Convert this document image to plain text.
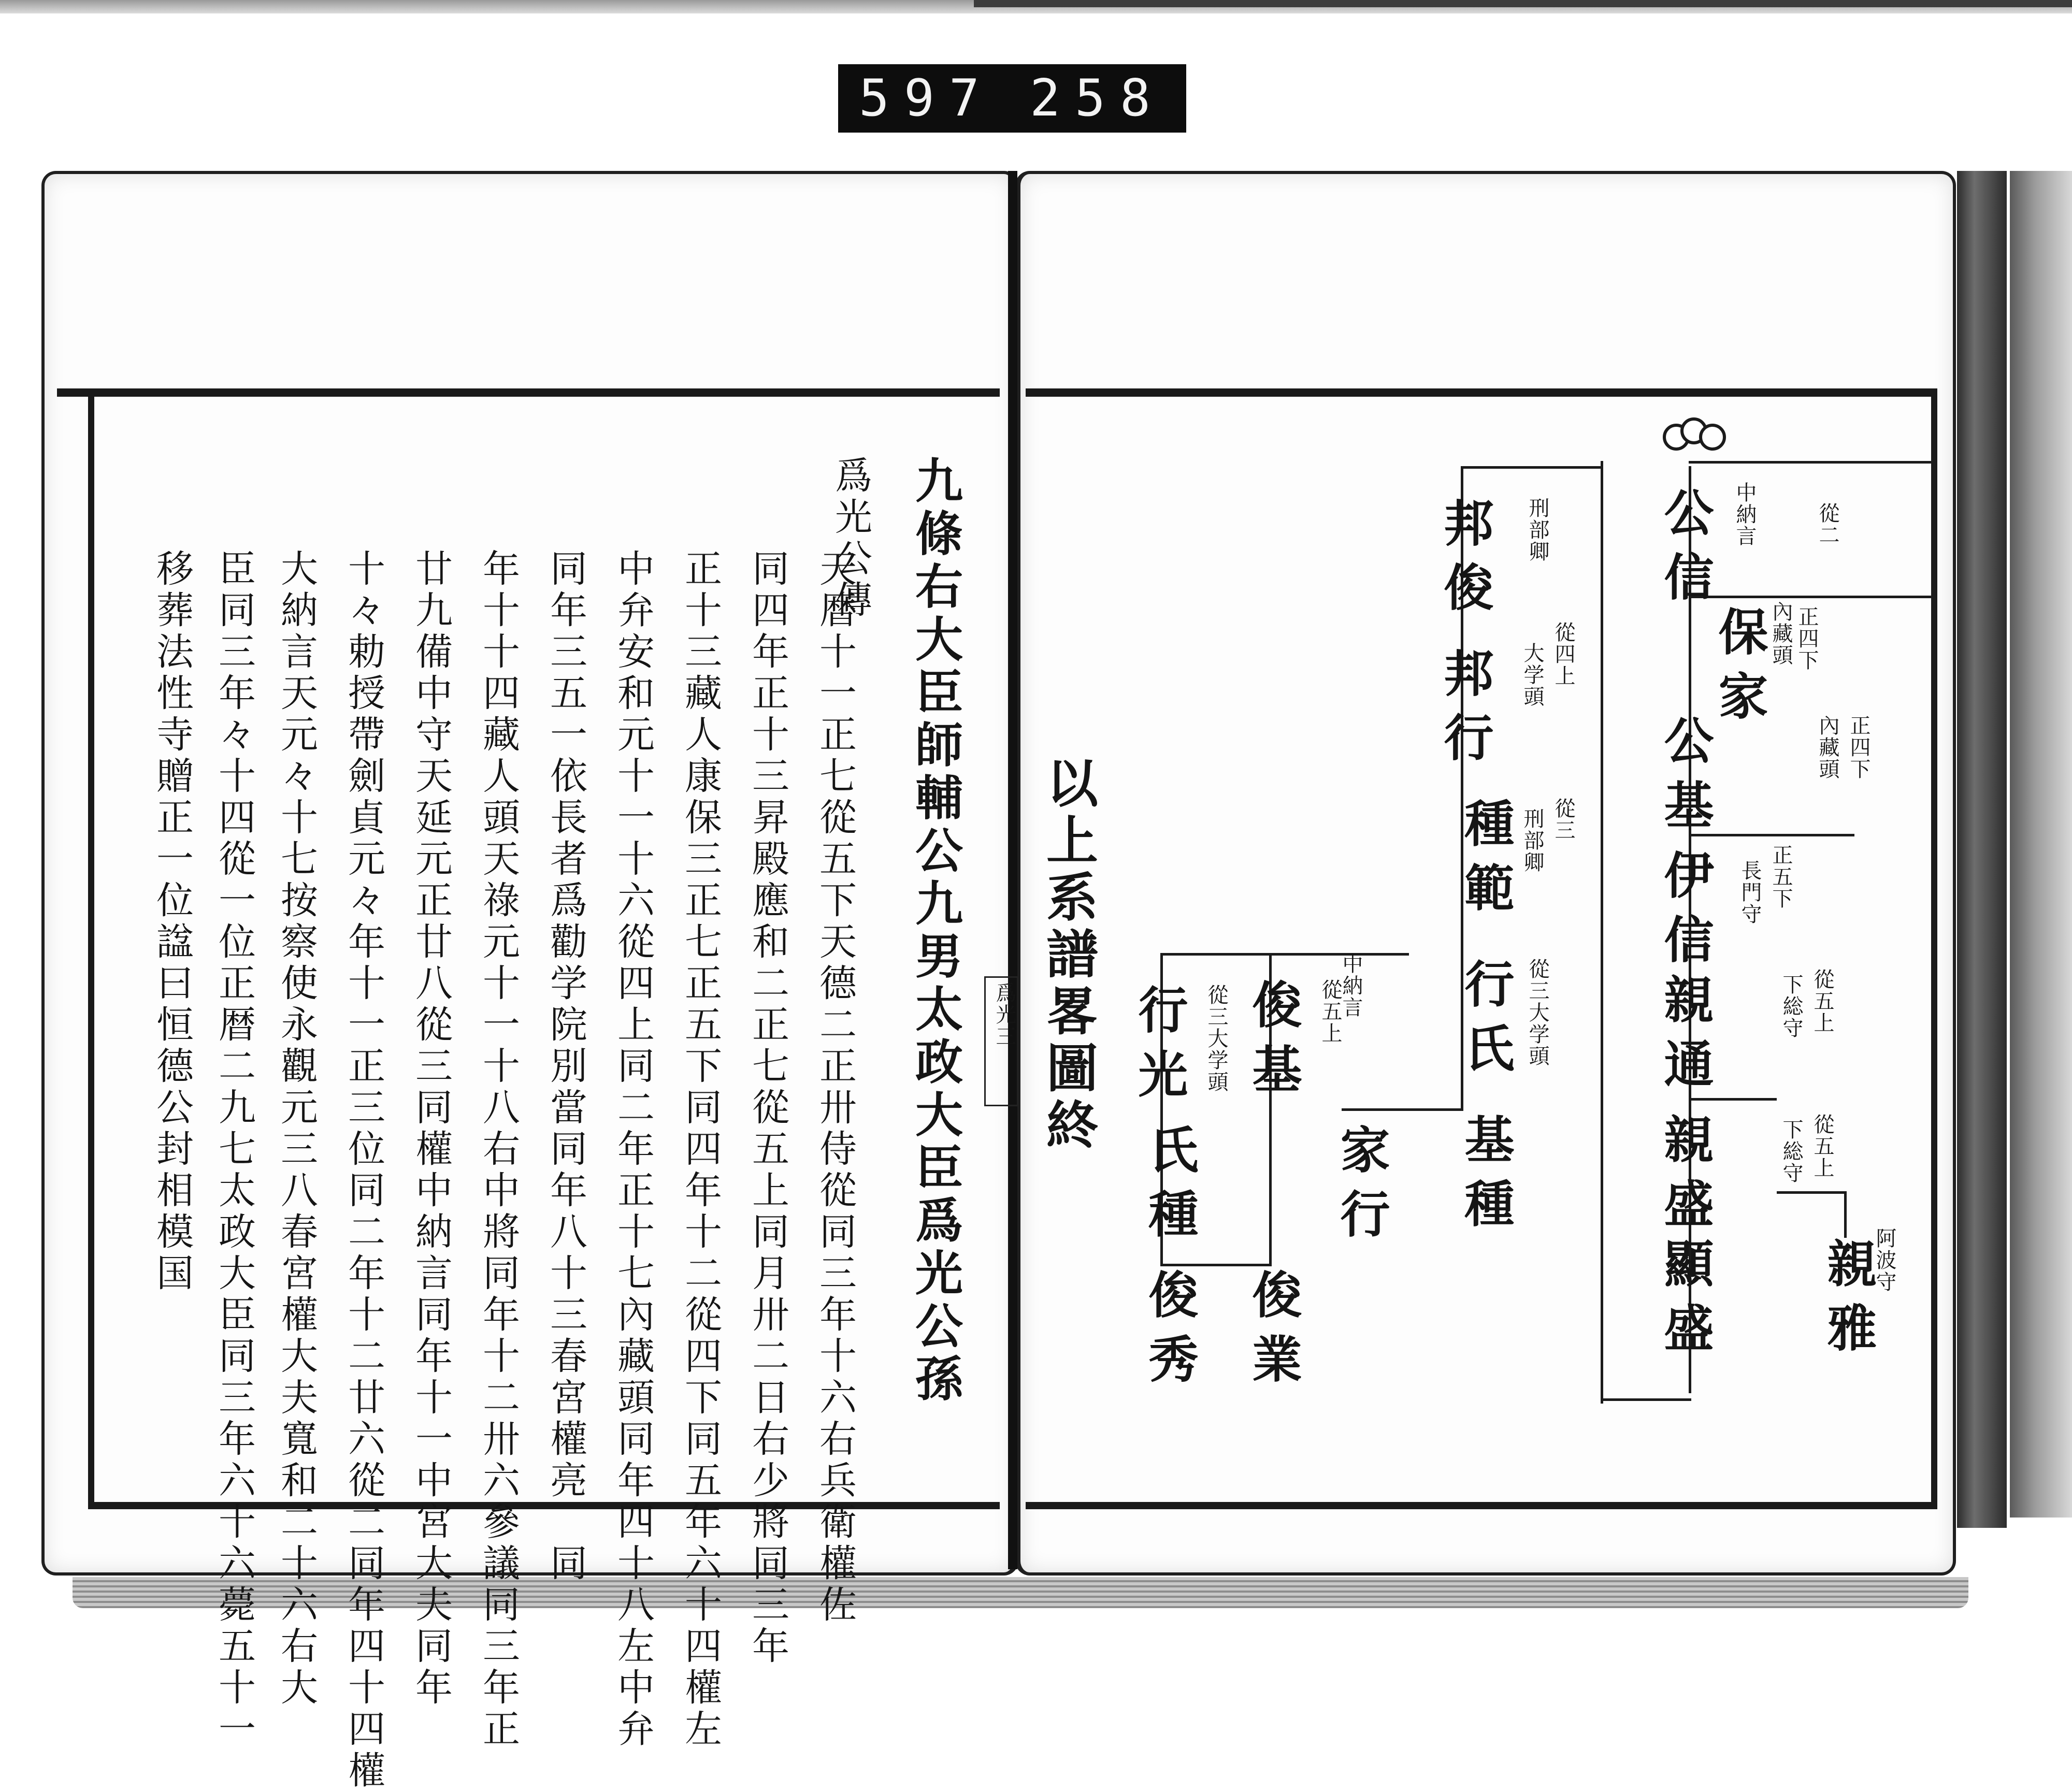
597 258
九條右大臣師輔公九男太政大臣爲光公孫
爲光公傳
天暦十一正七從五下天德二正卅侍從同三年十六右兵衛權佐
同四年正十三昇殿應和二正七從五上同月卅二日右少將同三年
正十三藏人康保三正七正五下同四年十二從四下同五年六十四權左
中弁安和元十一十六從四上同二年正十七內藏頭同年四十八左中弁
同年三五一依長者爲勸学院別當同年八十三春宮權亮　同
年十十四藏人頭天祿元十一十八右中將同年十二卅六參議同三年正
廿九備中守天延元正廿八從三同權中納言同年十一中宮大夫同年
十々勅授帶劍貞元々年十一正三位同二年十二廿六從二同年四十四權
大納言天元々十七按察使永觀元三八春宮權大夫寬和二十六右大
臣同三年々十四從一位正暦二九七太政大臣同三年六十六薨五十一
移葬法性寺贈正一位諡曰恒德公封相模国	爲光三 以上系譜畧圖終
從二
中納言
公信
正四下
內藏頭
保家
正四下
內藏頭
公基
正五下
長門守
伊信
從五上
下総守
親通
從五上
下総守
親盛
顯盛	阿波守
親雅
刑部卿
邦俊
從四上
大学頭
邦行
從三
刑部卿
種範
從三大学頭
行氏
基種
家行
從五上
中納言
俊基
從三大学頭
行光
氏種
俊業
俊秀
